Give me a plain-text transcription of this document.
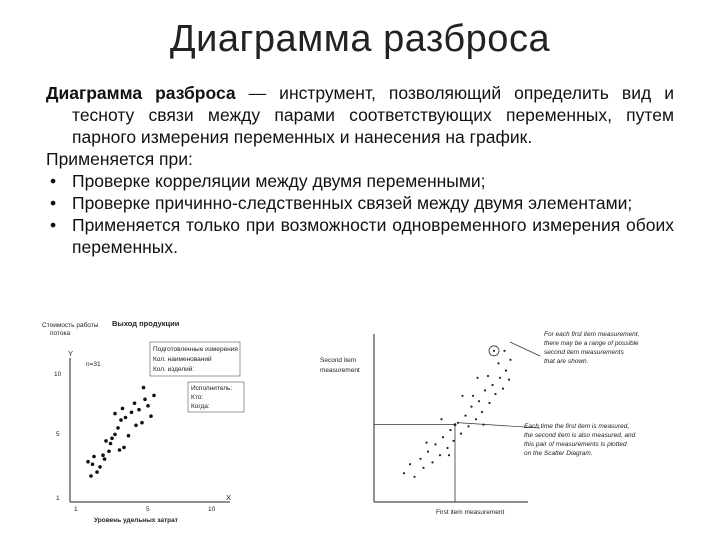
Диаграмма разброса
Диаграмма разброса — инструмент, позволяющий определить вид и тесноту связи между парами соответствующих переменных, путем парного измерения переменных и нанесения на график.
Применяется при:
• Проверке корреляции между двумя переменными;
• Проверке причинно-следственных связей между двумя элементами;
• Применяется только при возможности одновременного измерения обоих переменных.
Стоимость работы
потока
Выход продукции
Y
n=31
10
5
1
1	5	10
X
Уровень удельных затрат
Подготовленные измерения
Кол. наименований
Кол. изделий:
Исполнитель:
Кто:
Когда:
Second item
measurement
First item measurement
For each first item measurement,
there may be a range of possible
second item measurements
that are shown.
Each time the first item is measured,
the second item is also measured, and
this pair of measurements is plotted
on the Scatter Diagram.
